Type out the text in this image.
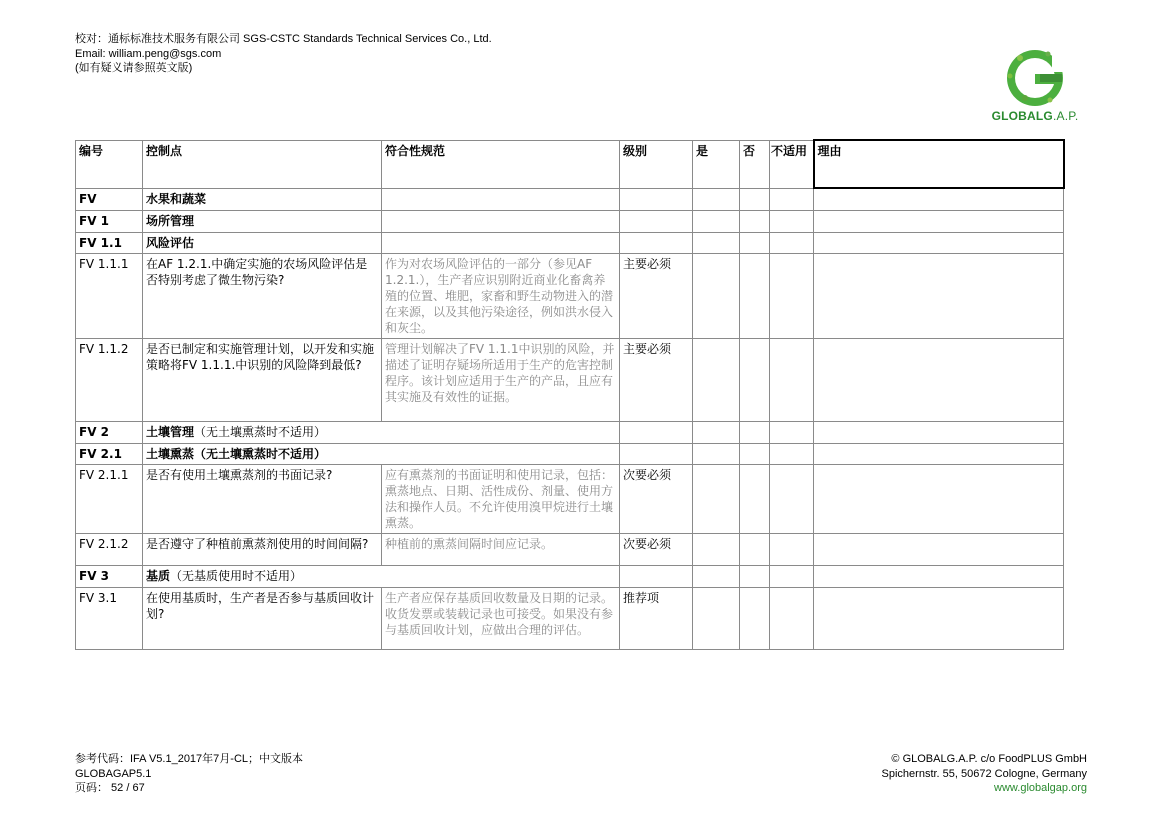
校对：通标标准技术服务有限公司 SGS-CSTC Standards Technical Services Co., Ltd.
Email: william.peng@sgs.com
(如有疑义请参照英文版)
GLOBALG.A.P.
编号	控制点	符合性规范	级别	是	否	不适用	理由
FV	水果和蔬菜						
FV 1	场所管理						
FV 1.1	风险评估						
FV 1.1.1	在AF 1.2.1.中确定实施的农场风险评估是否特别考虑了微生物污染?	作为对农场风险评估的一部分（参见AF 1.2.1.），生产者应识别附近商业化畜禽养殖的位置、堆肥，家畜和野生动物进入的潜在来源，以及其他污染途径，例如洪水侵入和灰尘。	主要必须				
FV 1.1.2	是否已制定和实施管理计划，以开发和实施策略将FV 1.1.1.中识别的风险降到最低?	管理计划解决了FV 1.1.1中识别的风险，并描述了证明存疑场所适用于生产的危害控制程序。该计划应适用于生产的产品，且应有其实施及有效性的证据。	主要必须				
FV 2	土壤管理（无土壤熏蒸时不适用）						
FV 2.1	土壤熏蒸（无土壤熏蒸时不适用）						
FV 2.1.1	是否有使用土壤熏蒸剂的书面记录?	应有熏蒸剂的书面证明和使用记录，包括：熏蒸地点、日期、活性成份、剂量、使用方法和操作人员。不允许使用溴甲烷进行土壤熏蒸。	次要必须				
FV 2.1.2	是否遵守了种植前熏蒸剂使用的时间间隔?	种植前的熏蒸间隔时间应记录。	次要必须				
FV 3	基质（无基质使用时不适用）						
FV 3.1	在使用基质时，生产者是否参与基质回收计划?	生产者应保存基质回收数量及日期的记录。收货发票或装载记录也可接受。如果没有参与基质回收计划，应做出合理的评估。	推荐项				
参考代码：IFA V5.1_2017年7月-CL；中文版本
GLOBAGAP5.1
页码： 52 / 67
© GLOBALG.A.P. c/o FoodPLUS GmbH
Spichernstr. 55, 50672 Cologne, Germany
www.globalgap.org
